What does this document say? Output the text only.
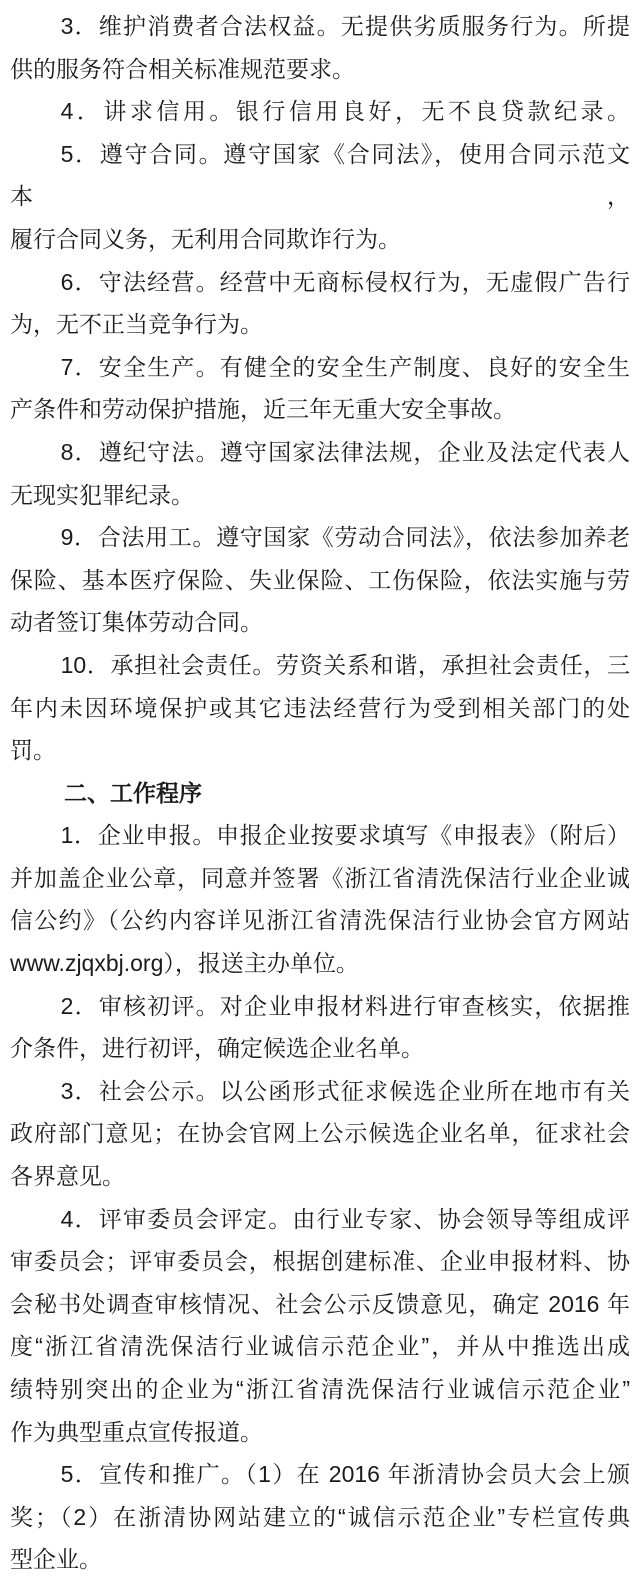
3．维护消费者合法权益。无提供劣质服务行为。所提
供的服务符合相关标准规范要求。
4．讲求信用。银行信用良好，无不良贷款纪录。
5．遵守合同。遵守国家《合同法》，使用合同示范文本，
履行合同义务，无利用合同欺诈行为。
6．守法经营。经营中无商标侵权行为，无虚假广告行
为，无不正当竞争行为。
7．安全生产。有健全的安全生产制度、良好的安全生
产条件和劳动保护措施，近三年无重大安全事故。
8．遵纪守法。遵守国家法律法规，企业及法定代表人
无现实犯罪纪录。
9．合法用工。遵守国家《劳动合同法》，依法参加养老
保险、基本医疗保险、失业保险、工伤保险，依法实施与劳
动者签订集体劳动合同。
10．承担社会责任。劳资关系和谐，承担社会责任，三
年内未因环境保护或其它违法经营行为受到相关部门的处
罚。
二、工作程序
1．企业申报。申报企业按要求填写《申报表》（附后）
并加盖企业公章，同意并签署《浙江省清洗保洁行业企业诚
信公约》（公约内容详见浙江省清洗保洁行业协会官方网站
www.zjqxbj.org），报送主办单位。
2．审核初评。对企业申报材料进行审查核实，依据推
介条件，进行初评，确定候选企业名单。
3．社会公示。以公函形式征求候选企业所在地市有关
政府部门意见；在协会官网上公示候选企业名单，征求社会
各界意见。
4．评审委员会评定。由行业专家、协会领导等组成评
审委员会；评审委员会，根据创建标准、企业申报材料、协
会秘书处调查审核情况、社会公示反馈意见，确定 2016 年
度“浙江省清洗保洁行业诚信示范企业”，并从中推选出成
绩特别突出的企业为“浙江省清洗保洁行业诚信示范企业”
作为典型重点宣传报道。
5．宣传和推广。（1）在 2016 年浙清协会员大会上颁
奖；（2）在浙清协网站建立的“诚信示范企业”专栏宣传典
型企业。
